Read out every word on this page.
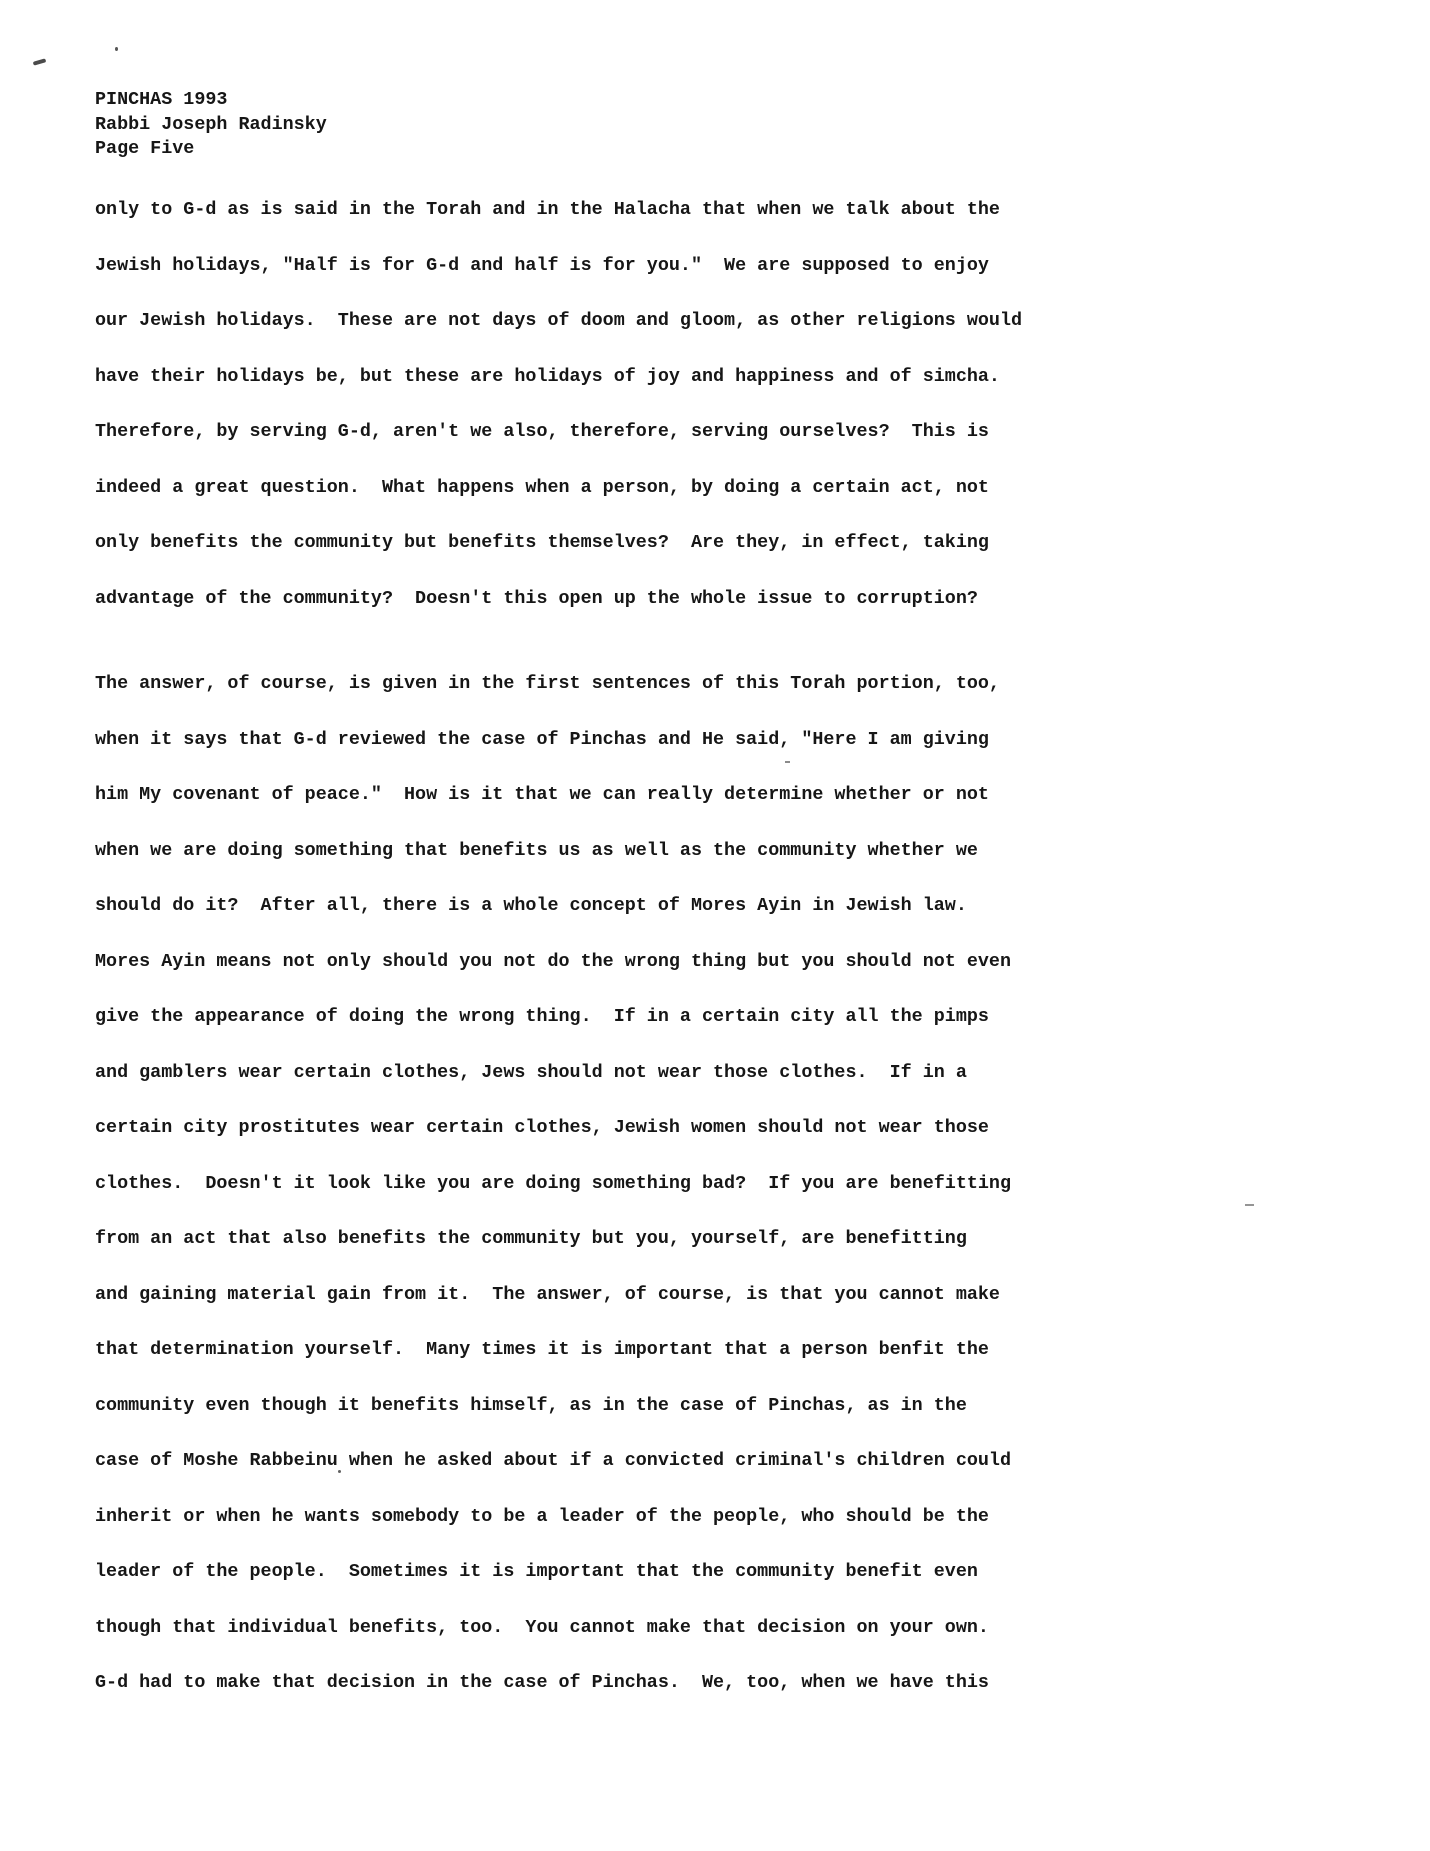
PINCHAS 1993
Rabbi Joseph Radinsky
Page Five
only to G-d as is said in the Torah and in the Halacha that when we talk about the
Jewish holidays, "Half is for G-d and half is for you."  We are supposed to enjoy
our Jewish holidays.  These are not days of doom and gloom, as other religions would
have their holidays be, but these are holidays of joy and happiness and of simcha.
Therefore, by serving G-d, aren't we also, therefore, serving ourselves?  This is
indeed a great question.  What happens when a person, by doing a certain act, not
only benefits the community but benefits themselves?  Are they, in effect, taking
advantage of the community?  Doesn't this open up the whole issue to corruption?
The answer, of course, is given in the first sentences of this Torah portion, too,
when it says that G-d reviewed the case of Pinchas and He said, "Here I am giving
him My covenant of peace."  How is it that we can really determine whether or not
when we are doing something that benefits us as well as the community whether we
should do it?  After all, there is a whole concept of Mores Ayin in Jewish law.
Mores Ayin means not only should you not do the wrong thing but you should not even
give the appearance of doing the wrong thing.  If in a certain city all the pimps
and gamblers wear certain clothes, Jews should not wear those clothes.  If in a
certain city prostitutes wear certain clothes, Jewish women should not wear those
clothes.  Doesn't it look like you are doing something bad?  If you are benefitting
from an act that also benefits the community but you, yourself, are benefitting
and gaining material gain from it.  The answer, of course, is that you cannot make
that determination yourself.  Many times it is important that a person benfit the
community even though it benefits himself, as in the case of Pinchas, as in the
case of Moshe Rabbeinu when he asked about if a convicted criminal's children could
inherit or when he wants somebody to be a leader of the people, who should be the
leader of the people.  Sometimes it is important that the community benefit even
though that individual benefits, too.  You cannot make that decision on your own.
G-d had to make that decision in the case of Pinchas.  We, too, when we have this
